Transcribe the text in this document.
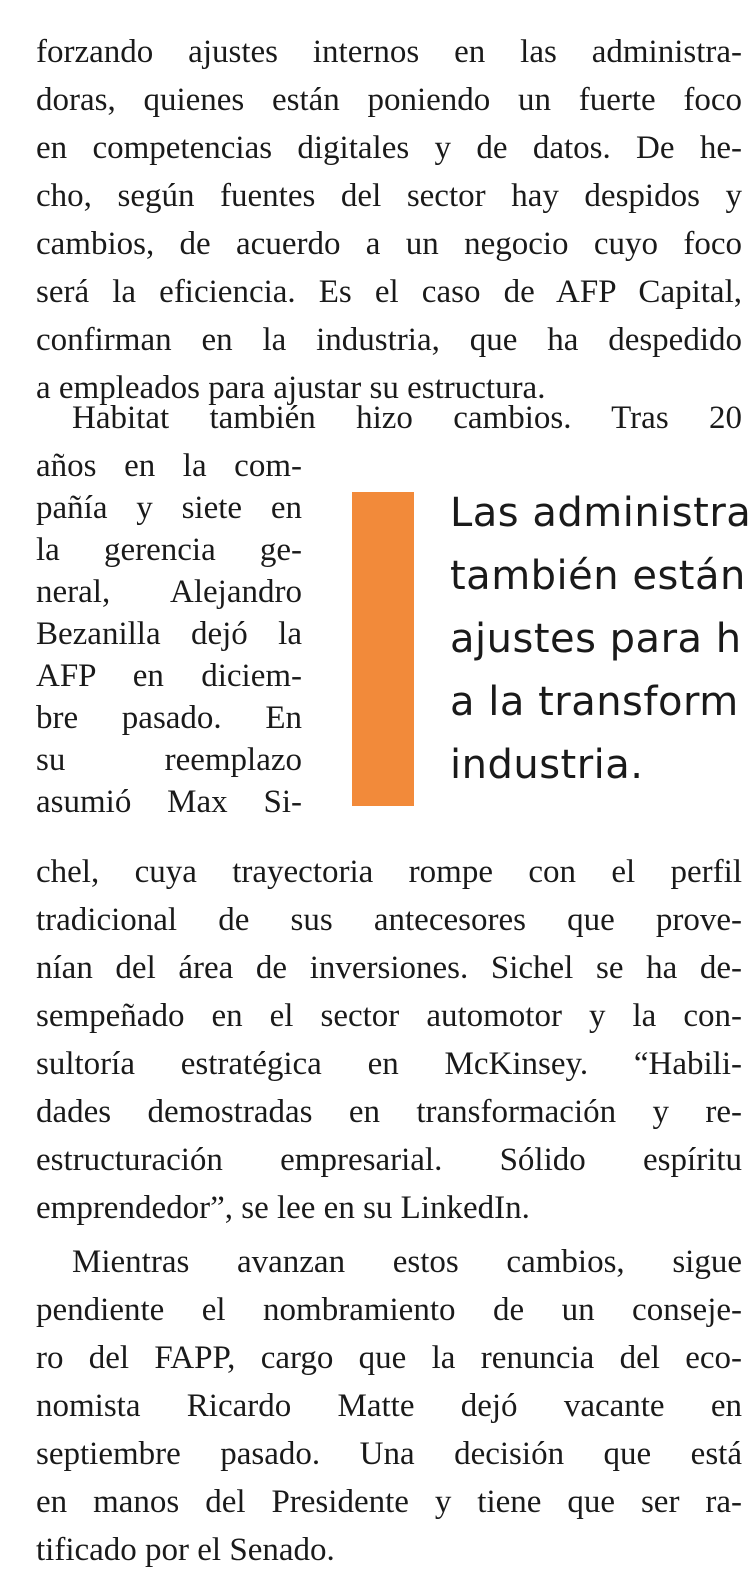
forzando ajustes internos en las administra-
doras, quienes están poniendo un fuerte foco
en competencias digitales y de datos. De he-
cho, según fuentes del sector hay despidos y
cambios, de acuerdo a un negocio cuyo foco
será la eficiencia. Es el caso de AFP Capital,
confirman en la industria, que ha despedido
a empleados para ajustar su estructura.
Habitat también hizo cambios. Tras 20
años en la com-
pañía y siete en
la gerencia ge-
neral, Alejandro
Bezanilla dejó la
AFP en diciem-
bre pasado. En
su reemplazo
asumió Max Si-
Las administra
también están
ajustes para h
a la transform
industria.
chel, cuya trayectoria rompe con el perfil
tradicional de sus antecesores que prove-
nían del área de inversiones. Sichel se ha de-
sempeñado en el sector automotor y la con-
sultoría estratégica en McKinsey. “Habili-
dades demostradas en transformación y re-
estructuración empresarial. Sólido espíritu
emprendedor”, se lee en su LinkedIn.
Mientras avanzan estos cambios, sigue
pendiente el nombramiento de un conseje-
ro del FAPP, cargo que la renuncia del eco-
nomista Ricardo Matte dejó vacante en
septiembre pasado. Una decisión que está
en manos del Presidente y tiene que ser ra-
tificado por el Senado.
